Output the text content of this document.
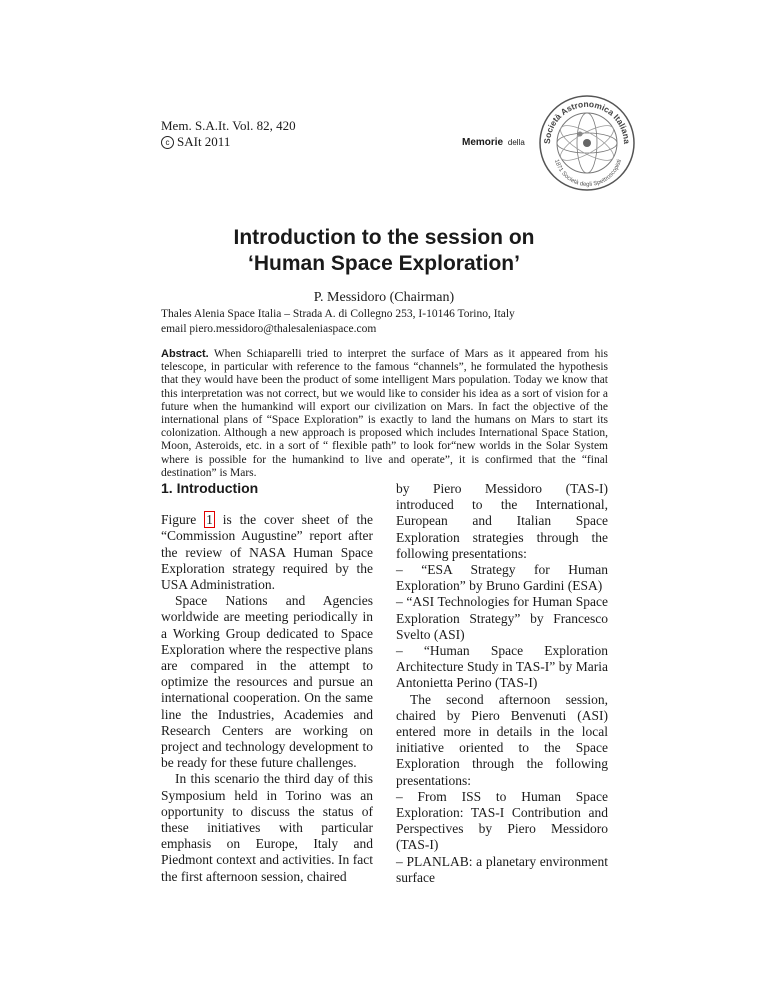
Mem. S.A.It. Vol. 82, 420
c SAIt 2011	Memorie della Società Astronomica Italiana
1871 Società degli Spettroscopisti
Introduction to the session on
‘Human Space Exploration’
P. Messidoro (Chairman)
Thales Alenia Space Italia – Strada A. di Collegno 253, I-10146 Torino, Italy
email piero.messidoro@thalesaleniaspace.com
Abstract. When Schiaparelli tried to interpret the surface of Mars as it appeared from his telescope, in particular with reference to the famous “channels”, he formulated the hypothesis that they would have been the product of some intelligent Mars population. Today we know that this interpretation was not correct, but we would like to consider his idea as a sort of vision for a future when the humankind will export our civilization on Mars. In fact the objective of the international plans of “Space Exploration” is exactly to land the humans on Mars to start its colonization. Although a new approach is proposed which includes International Space Station, Moon, Asteroids, etc. in a sort of “ flexible path” to look for“new worlds in the Solar System where is possible for the humankind to live and operate”, it is confirmed that the “final destination” is Mars.
1. Introduction

Figure 1 is the cover sheet of the “Commission Augustine” report after the review of NASA Human Space Exploration strategy required by the USA Administration.

Space Nations and Agencies worldwide are meeting periodically in a Working Group dedicated to Space Exploration where the respective plans are compared in the attempt to optimize the resources and pursue an international cooperation. On the same line the Industries, Academies and Research Centers are working on project and technology development to be ready for these future challenges.

In this scenario the third day of this Symposium held in Torino was an opportunity to discuss the status of these initiatives with particular emphasis on Europe, Italy and Piedmont context and activities. In fact the first afternoon session, chaired

by Piero Messidoro (TAS-I) introduced to the International, European and Italian Space Exploration strategies through the following presentations:

– “ESA Strategy for Human Exploration” by Bruno Gardini (ESA)

– “ASI Technologies for Human Space Exploration Strategy” by Francesco Svelto (ASI)

– “Human Space Exploration Architecture Study in TAS-I” by Maria Antonietta Perino (TAS-I)

The second afternoon session, chaired by Piero Benvenuti (ASI) entered more in details in the local initiative oriented to the Space Exploration through the following presentations:

– From ISS to Human Space Exploration: TAS-I Contribution and Perspectives by Piero Messidoro (TAS-I)

– PLANLAB: a planetary environment surface
